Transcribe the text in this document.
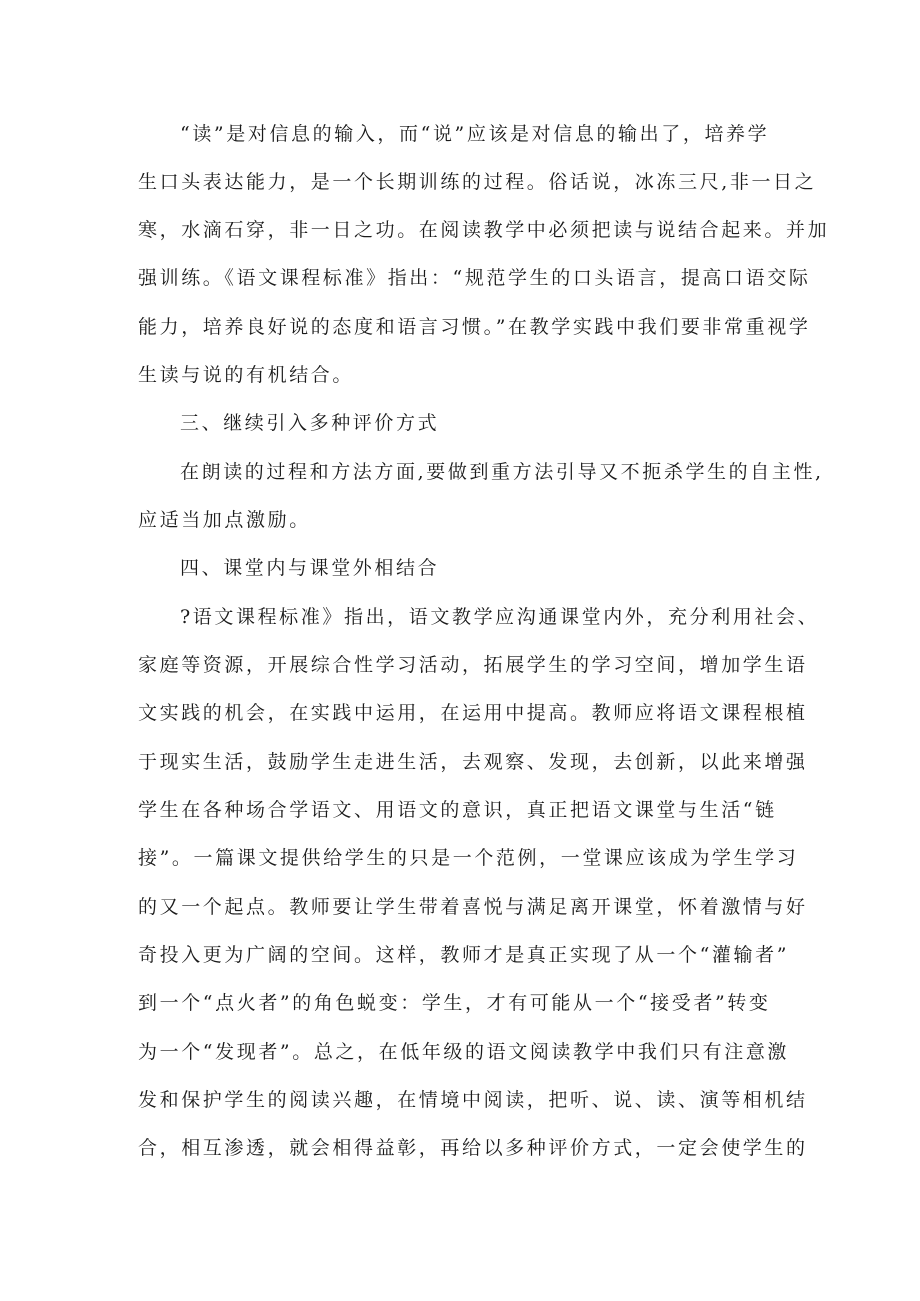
“读”是对信息的输入，而“说”应该是对信息的输出了，培养学

生口头表达能力，是一个长期训练的过程。俗话说，冰冻三尺,非一日之

寒，水滴石穿，非一日之功。在阅读教学中必须把读与说结合起来。并加

强训练。《语文课程标准》指出：“规范学生的口头语言，提高口语交际

能力，培养良好说的态度和语言习惯。”在教学实践中我们要非常重视学

生读与说的有机结合。

三、继续引入多种评价方式

在朗读的过程和方法方面,要做到重方法引导又不扼杀学生的自主性,

应适当加点激励。

四、课堂内与课堂外相结合

?语文课程标准》指出，语文教学应沟通课堂内外，充分利用社会、

家庭等资源，开展综合性学习活动，拓展学生的学习空间，增加学生语

文实践的机会，在实践中运用，在运用中提高。教师应将语文课程根植

于现实生活，鼓励学生走进生活，去观察、发现，去创新，以此来增强

学生在各种场合学语文、用语文的意识，真正把语文课堂与生活“链

接”。一篇课文提供给学生的只是一个范例，一堂课应该成为学生学习

的又一个起点。教师要让学生带着喜悦与满足离开课堂，怀着激情与好

奇投入更为广阔的空间。这样，教师才是真正实现了从一个“灌输者”

到一个“点火者”的角色蜕变：学生，才有可能从一个“接受者”转变

为一个“发现者”。总之，在低年级的语文阅读教学中我们只有注意激

发和保护学生的阅读兴趣，在情境中阅读，把听、说、读、演等相机结

合，相互渗透，就会相得益彰，再给以多种评价方式，一定会使学生的
